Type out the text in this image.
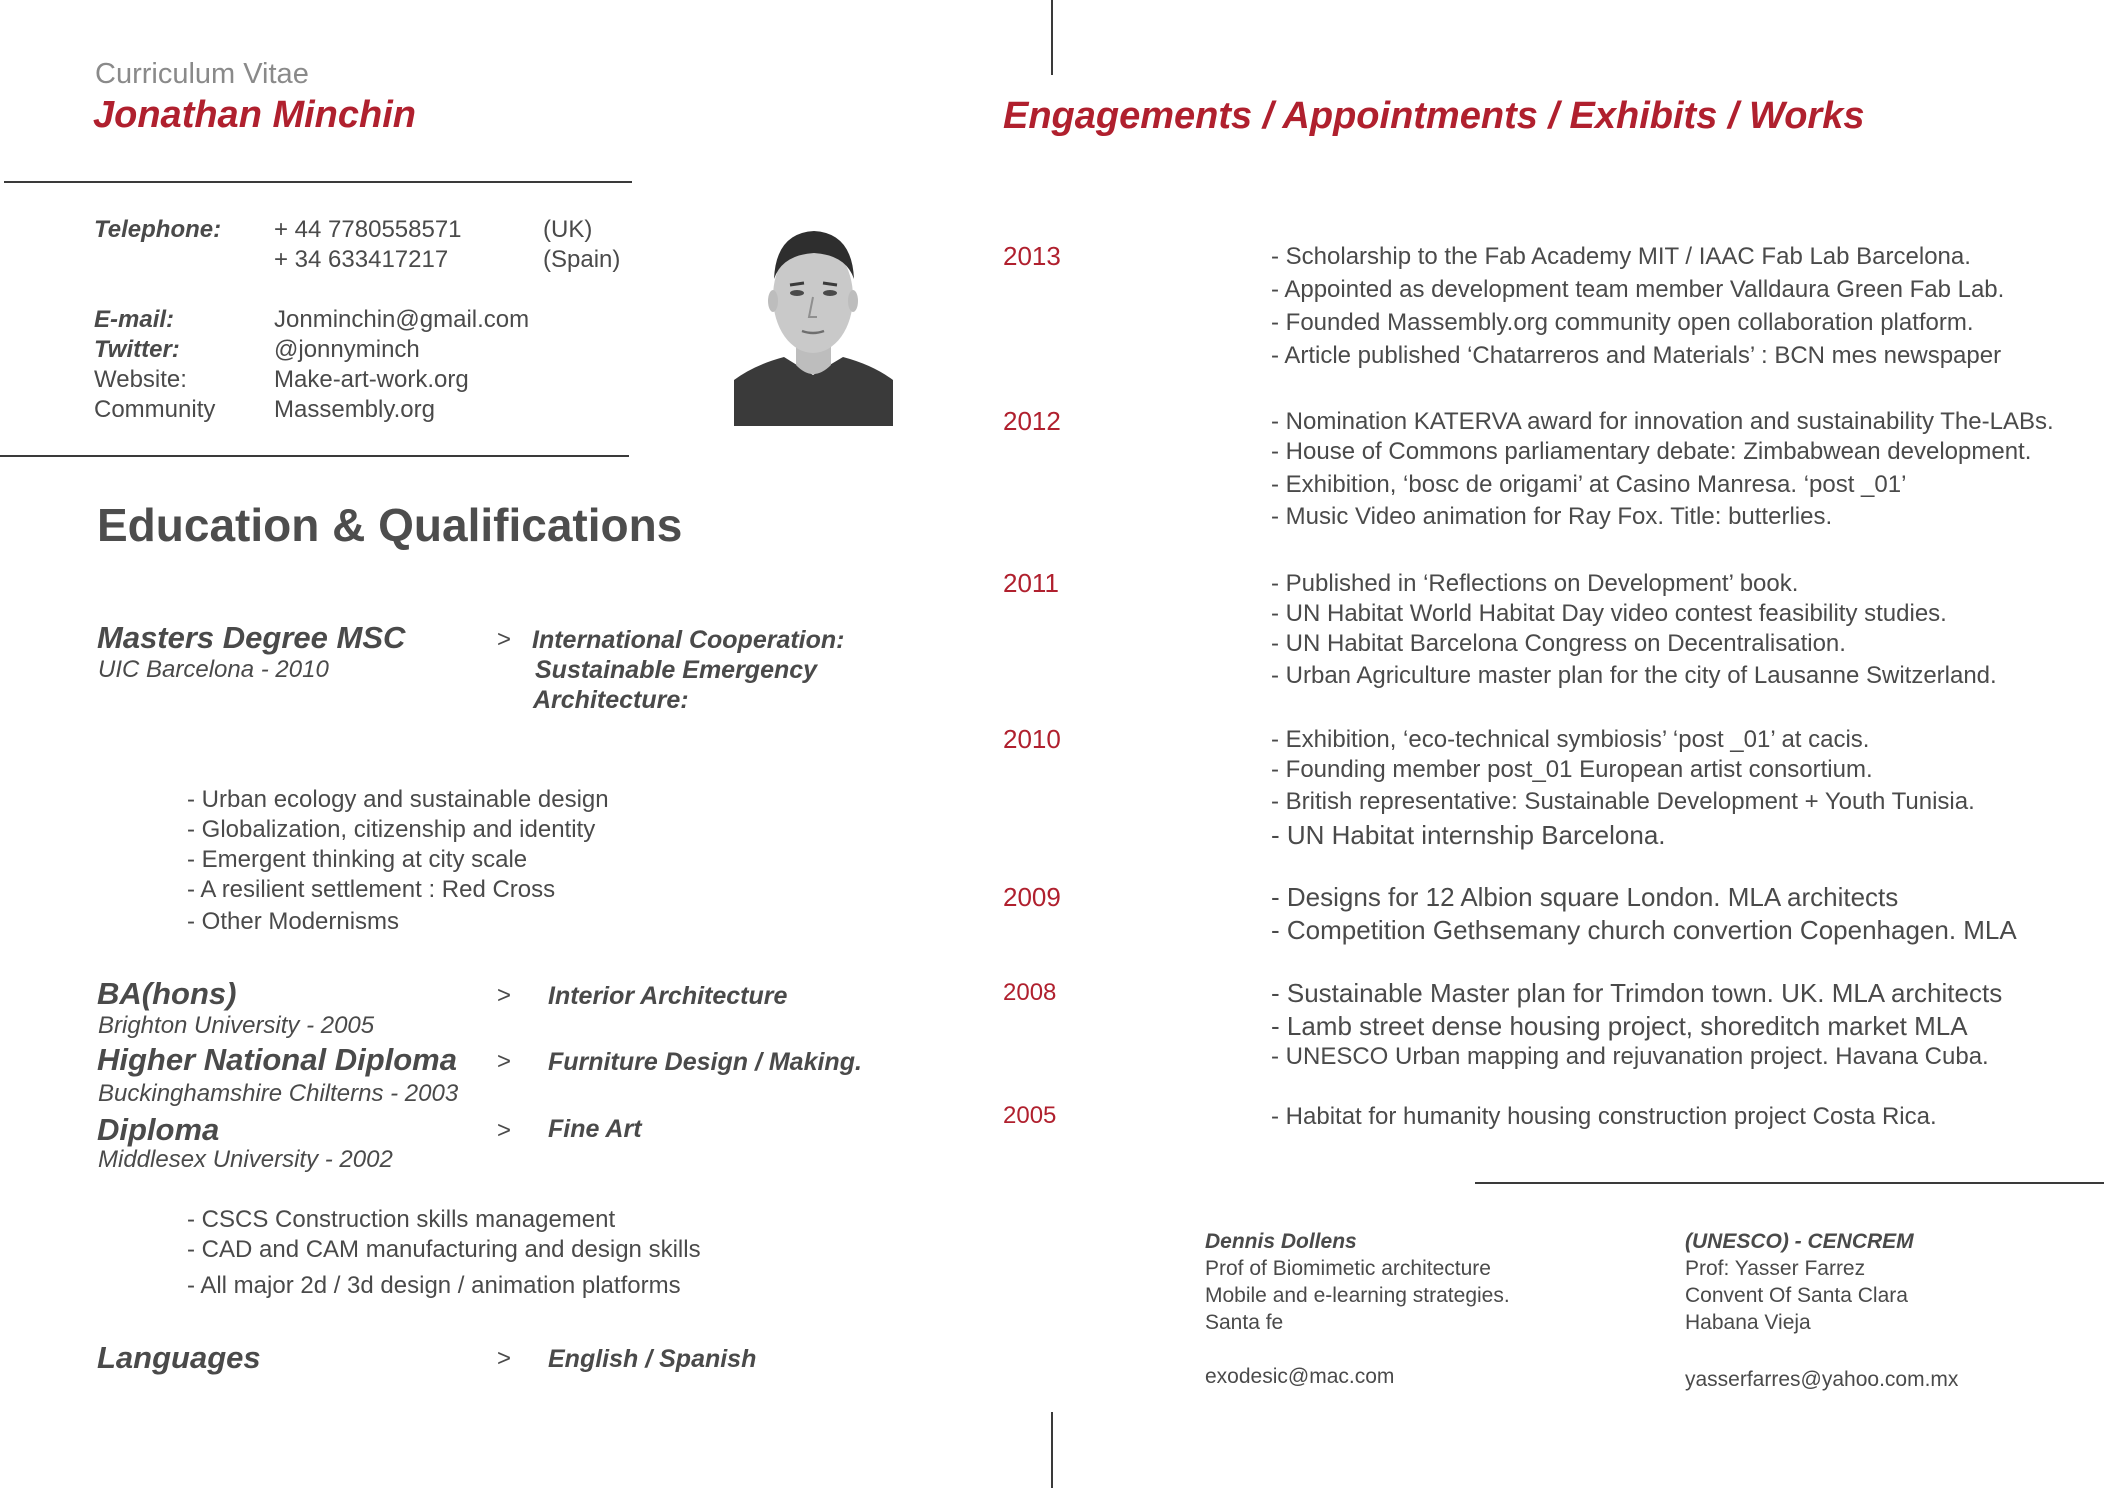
Curriculum Vitae
Jonathan Minchin
Telephone: + 44 7780558571	(UK)
+ 34 633417217	(Spain)
E-mail:	Jonminchin@gmail.com
Twitter:	@jonnyminch
Website:	Make-art-work.org
Community Massembly.org
Education & Qualifications
Masters Degree MSC
UIC Barcelona - 2010
> International Cooperation:
Sustainable Emergency
Architecture:
- Urban ecology and sustainable design
- Globalization, citizenship and identity
- Emergent thinking at city scale
- A resilient settlement : Red Cross
- Other Modernisms
BA(hons)
Brighton University - 2005
> Interior Architecture
Higher National Diploma
Buckinghamshire Chilterns - 2003
> Furniture Design / Making.
Diploma
Middlesex University - 2002
> Fine Art
- CSCS Construction skills management
- CAD and CAM manufacturing and design skills
- All major 2d / 3d design / animation platforms
Languages	> English / Spanish
Engagements / Appointments / Exhibits / Works
2013	- Scholarship to the Fab Academy MIT / IAAC Fab Lab Barcelona.
- Appointed as development team member Valldaura Green Fab Lab.
- Founded Massembly.org community open collaboration platform.
- Article published ‘Chatarreros and Materials’ : BCN mes newspaper
2012	- Nomination KATERVA award for innovation and sustainability The-LABs.
- House of Commons parliamentary debate: Zimbabwean development.
- Exhibition, ‘bosc de origami’ at Casino Manresa. ‘post _01’
- Music Video animation for Ray Fox. Title: butterlies.
2011	- Published in ‘Reflections on Development’ book.
- UN Habitat World Habitat Day video contest feasibility studies.
- UN Habitat Barcelona Congress on Decentralisation.
- Urban Agriculture master plan for the city of Lausanne Switzerland.
2010	- Exhibition, ‘eco-technical symbiosis’ ‘post _01’ at cacis.
- Founding member post_01 European artist consortium.
- British representative: Sustainable Development + Youth Tunisia.
- UN Habitat internship Barcelona.
2009	- Designs for 12 Albion square London. MLA architects
- Competition Gethsemany church convertion Copenhagen. MLA
2008	- Sustainable Master plan for Trimdon town. UK. MLA architects
- Lamb street dense housing project, shoreditch market MLA
- UNESCO Urban mapping and rejuvanation project. Havana Cuba.
2005	- Habitat for humanity housing construction project Costa Rica.
Dennis Dollens
Prof of Biomimetic architecture
Mobile and e-learning strategies.
Santa fe
exodesic@mac.com
(UNESCO) - CENCREM
Prof: Yasser Farrez
Convent Of Santa Clara
Habana Vieja
yasserfarres@yahoo.com.mx
